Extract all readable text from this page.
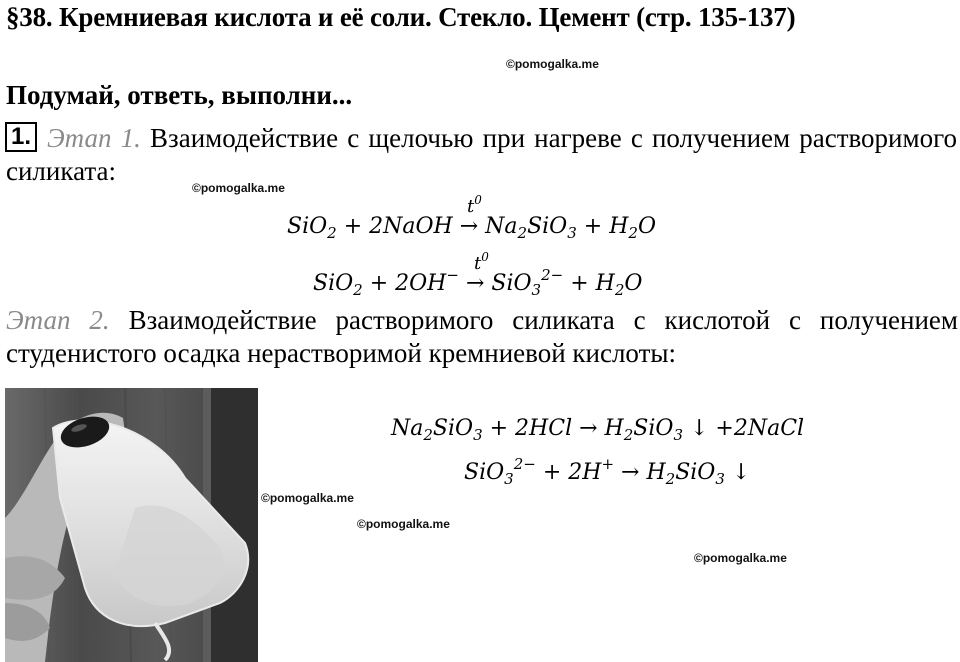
§38. Кремниевая кислота и её соли. Стекло. Цемент (стр. 135-137)
©pomogalka.me
Подумай, ответь, выполни...
1. Этап 1. Взаимодействие с щелочью при нагреве с получением растворимого
силиката:
©pomogalka.me
$t^0$
SiO$_2$ + 2NaOH → $Na_2SiO_3 + H_2O$
$t^0$
$SiO_2 + 2OH^- \to SiO_3^{2-} + H_2O$
Этап 2. Взаимодействие растворимого силиката с кислотой с получением
студенистого осадка нерастворимой кремниевой кислоты:
©pomogalka.me
©pomogalka.me
©pomogalka.me
$Na_2SiO_3 + 2HCl \to H_2SiO_3$ ↓ +2NaCl
$SiO_3^{2-} + 2H^+ \to H_2SiO_3$ ↓
